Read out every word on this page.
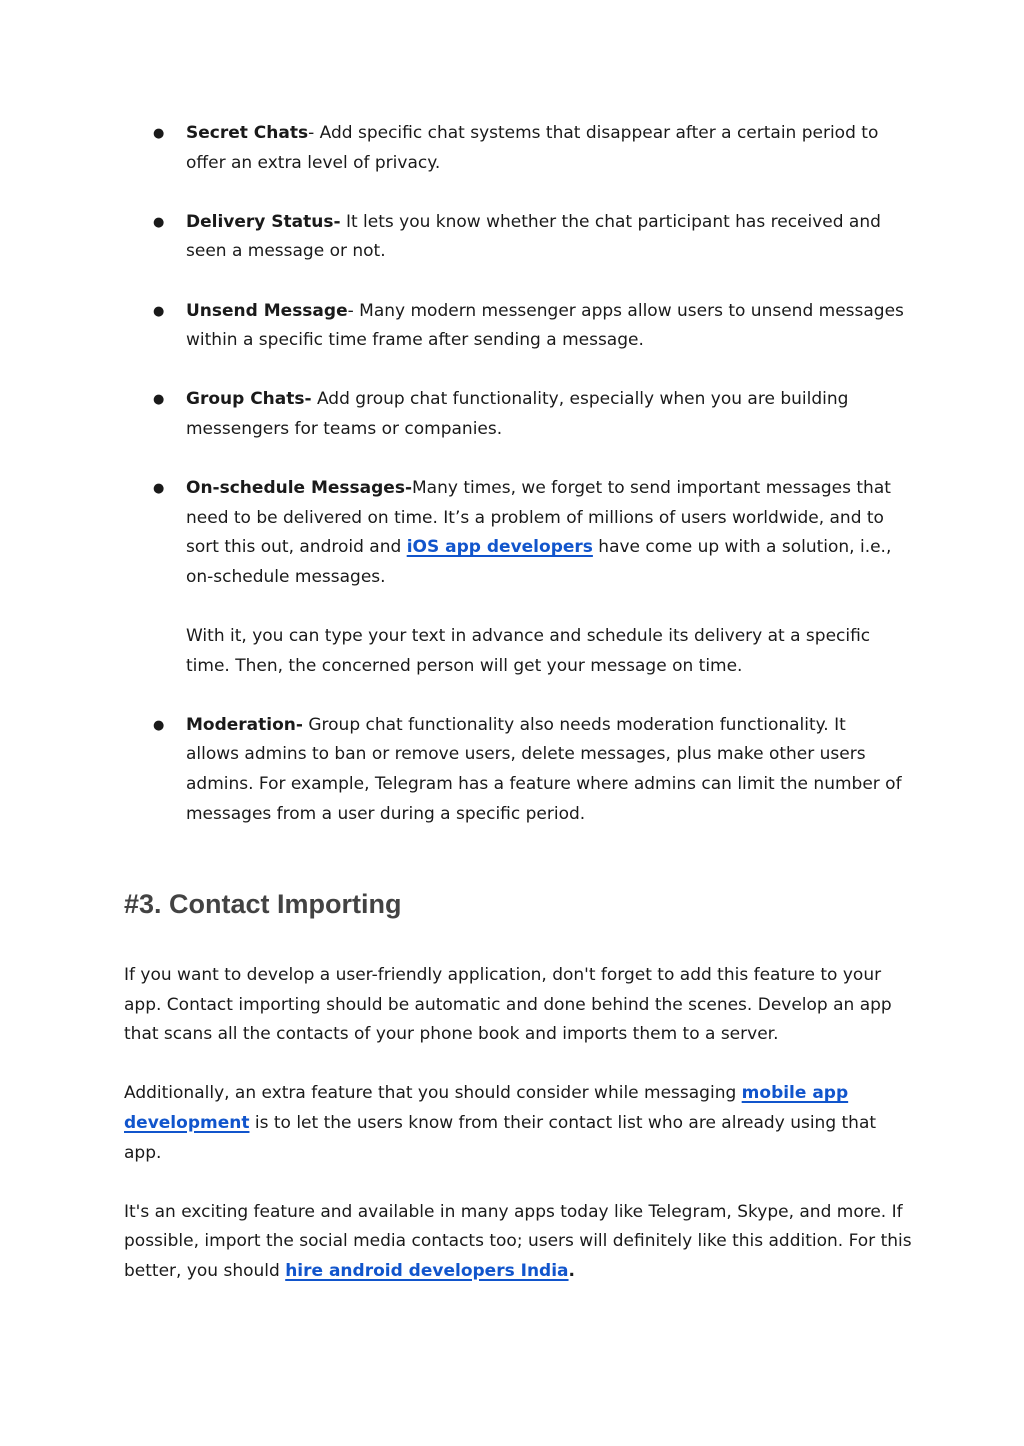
● Secret Chats- Add specific chat systems that disappear after a certain period to offer an extra level of privacy.

● Delivery Status- It lets you know whether the chat participant has received and seen a message or not.

● Unsend Message- Many modern messenger apps allow users to unsend messages within a specific time frame after sending a message.

● Group Chats- Add group chat functionality, especially when you are building messengers for teams or companies.

● On-schedule Messages-Many times, we forget to send important messages that need to be delivered on time. It’s a problem of millions of users worldwide, and to sort this out, android and iOS app developers have come up with a solution, i.e., on-schedule messages.

With it, you can type your text in advance and schedule its delivery at a specific time. Then, the concerned person will get your message on time.

● Moderation- Group chat functionality also needs moderation functionality. It allows admins to ban or remove users, delete messages, plus make other users admins. For example, Telegram has a feature where admins can limit the number of messages from a user during a specific period.

#3. Contact Importing

If you want to develop a user-friendly application, don't forget to add this feature to your app. Contact importing should be automatic and done behind the scenes. Develop an app that scans all the contacts of your phone book and imports them to a server.

Additionally, an extra feature that you should consider while messaging mobile app development is to let the users know from their contact list who are already using that app.

It's an exciting feature and available in many apps today like Telegram, Skype, and more. If possible, import the social media contacts too; users will definitely like this addition. For this better, you should hire android developers India.
